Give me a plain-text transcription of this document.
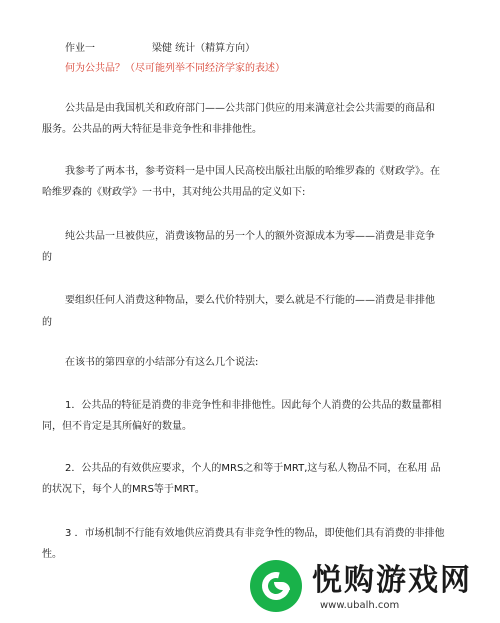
作业一	梁健 统计（精算方向）
何为公共品？（尽可能列举不同经济学家的表述）
公共品是由我国机关和政府部门——公共部门供应的用来满意社会公共需要的商品和
服务。公共品的两大特征是非竞争性和非排他性。
我参考了两本书，参考资料一是中国人民高校出版社出版的哈维罗森的《财政学》。在
哈维罗森的《财政学》一书中，其对纯公共用品的定义如下:
纯公共品一旦被供应，消费该物品的另一个人的额外资源成本为零——消费是非竞争
的
要组织任何人消费这种物品，要么代价特别大，要么就是不行能的——消费是非排他
的
在该书的第四章的小结部分有这么几个说法:
1．公共品的特征是消费的非竞争性和非排他性。因此每个人消费的公共品的数量都相
同，但不肯定是其所偏好的数量。
2．公共品的有效供应要求，个人的MRS之和等于MRT,这与私人物品不同，在私用 品
的状况下，每个人的MRS等于MRT。
3 ．市场机制不行能有效地供应消费具有非竞争性的物品，即使他们具有消费的非排他
性。
悦购游戏网
www.ubalh.com
